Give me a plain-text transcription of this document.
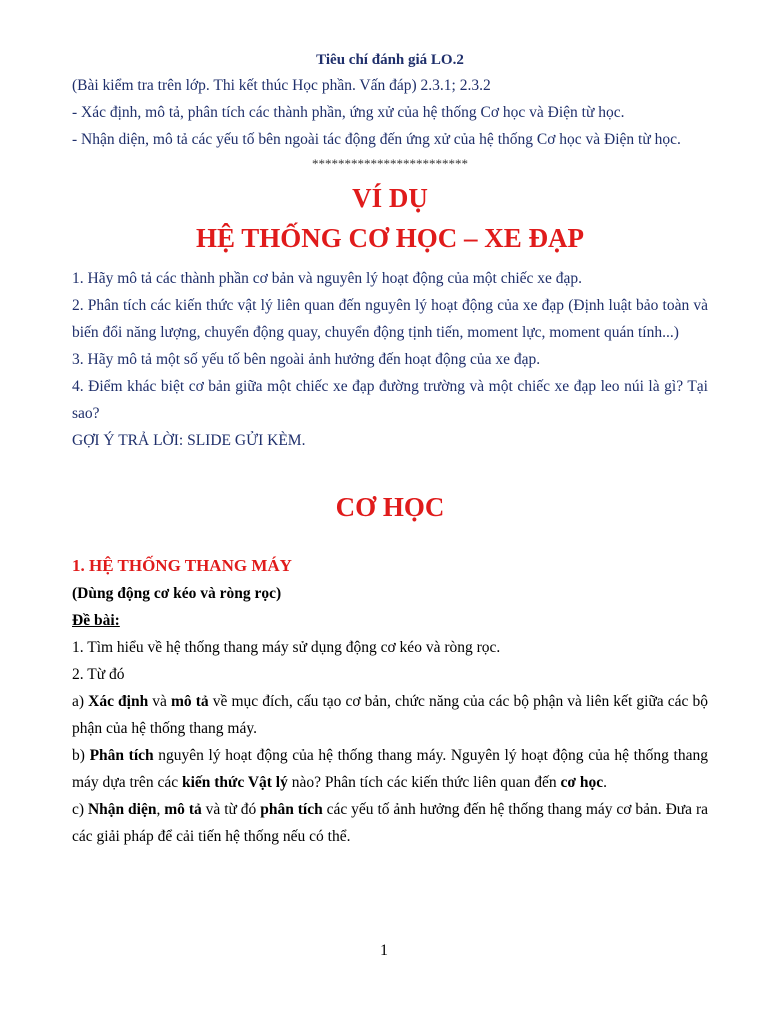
Tiêu chí đánh giá LO.2

(Bài kiểm tra trên lớp. Thi kết thúc Học phần. Vấn đáp) 2.3.1; 2.3.2

- Xác định, mô tả, phân tích các thành phần, ứng xử của hệ thống Cơ học và Điện từ học.

- Nhận diện, mô tả các yếu tố bên ngoài tác động đến ứng xử của hệ thống Cơ học và Điện từ học.

************************

VÍ DỤ

HỆ THỐNG CƠ HỌC – XE ĐẠP

1. Hãy mô tả các thành phần cơ bản và nguyên lý hoạt động của một chiếc xe đạp.

2. Phân tích các kiến thức vật lý liên quan đến nguyên lý hoạt động của xe đạp (Định luật bảo toàn và biến đổi năng lượng, chuyển động quay, chuyển động tịnh tiến, moment lực, moment quán tính...)

3. Hãy mô tả một số yếu tố bên ngoài ảnh hưởng đến hoạt động của xe đạp.

4. Điểm khác biệt cơ bản giữa một chiếc xe đạp đường trường và một chiếc xe đạp leo núi là gì? Tại sao?

GỢI Ý TRẢ LỜI: SLIDE GỬI KÈM.

CƠ HỌC

1. HỆ THỐNG THANG MÁY

(Dùng động cơ kéo và ròng rọc)

Đề bài:

1. Tìm hiểu về hệ thống thang máy sử dụng động cơ kéo và ròng rọc.

2. Từ đó

a) Xác định và mô tả về mục đích, cấu tạo cơ bản, chức năng của các bộ phận và liên kết giữa các bộ phận của hệ thống thang máy.

b) Phân tích nguyên lý hoạt động của hệ thống thang máy. Nguyên lý hoạt động của hệ thống thang máy dựa trên các kiến thức Vật lý nào? Phân tích các kiến thức liên quan đến cơ học.

c) Nhận diện, mô tả và từ đó phân tích các yếu tố ảnh hưởng đến hệ thống thang máy cơ bản. Đưa ra các giải pháp để cải tiến hệ thống nếu có thể.

1
